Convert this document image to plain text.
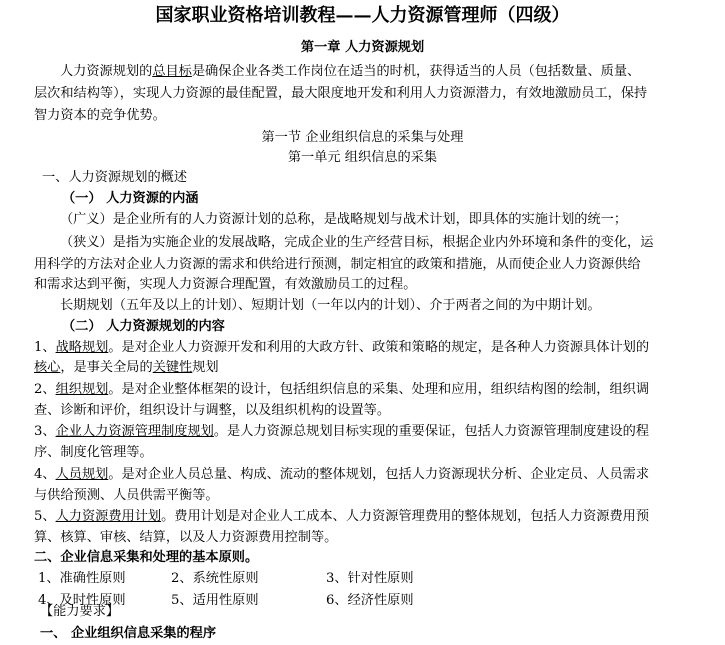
国家职业资格培训教程——人力资源管理师（四级）
第一章 人力资源规划
人力资源规划的总目标是确保企业各类工作岗位在适当的时机，获得适当的人员（包括数量、质量、
层次和结构等），实现人力资源的最佳配置，最大限度地开发和利用人力资源潜力，有效地激励员工，保持
智力资本的竞争优势。
第一节 企业组织信息的采集与处理
第一单元 组织信息的采集
一、人力资源规划的概述
（一） 人力资源的内涵
（广义）是企业所有的人力资源计划的总称，是战略规划与战术计划，即具体的实施计划的统一；
（狭义）是指为实施企业的发展战略，完成企业的生产经营目标，根据企业内外环境和条件的变化，运
用科学的方法对企业人力资源的需求和供给进行预测，制定相宜的政策和措施，从而使企业人力资源供给
和需求达到平衡，实现人力资源合理配置，有效激励员工的过程。
长期规划（五年及以上的计划）、短期计划（一年以内的计划）、介于两者之间的为中期计划。
（二） 人力资源规划的内容
1、战略规划。是对企业人力资源开发和利用的大政方针、政策和策略的规定，是各种人力资源具体计划的
核心，是事关全局的关键性规划
2、组织规划。是对企业整体框架的设计，包括组织信息的采集、处理和应用，组织结构图的绘制，组织调
查、诊断和评价，组织设计与调整，以及组织机构的设置等。
3、企业人力资源管理制度规划。是人力资源总规划目标实现的重要保证，包括人力资源管理制度建设的程
序、制度化管理等。
4、人员规划。是对企业人员总量、构成、流动的整体规划，包括人力资源现状分析、企业定员、人员需求
与供给预测、人员供需平衡等。
5、人力资源费用计划。费用计划是对企业人工成本、人力资源管理费用的整体规划，包括人力资源费用预
算、核算、审核、结算，以及人力资源费用控制等。
二、企业信息采集和处理的基本原则。
1、准确性原则	2、系统性原则	3、针对性原则
4、及时性原则	5、适用性原则	6、经济性原则
【能力要求】
一、 企业组织信息采集的程序
